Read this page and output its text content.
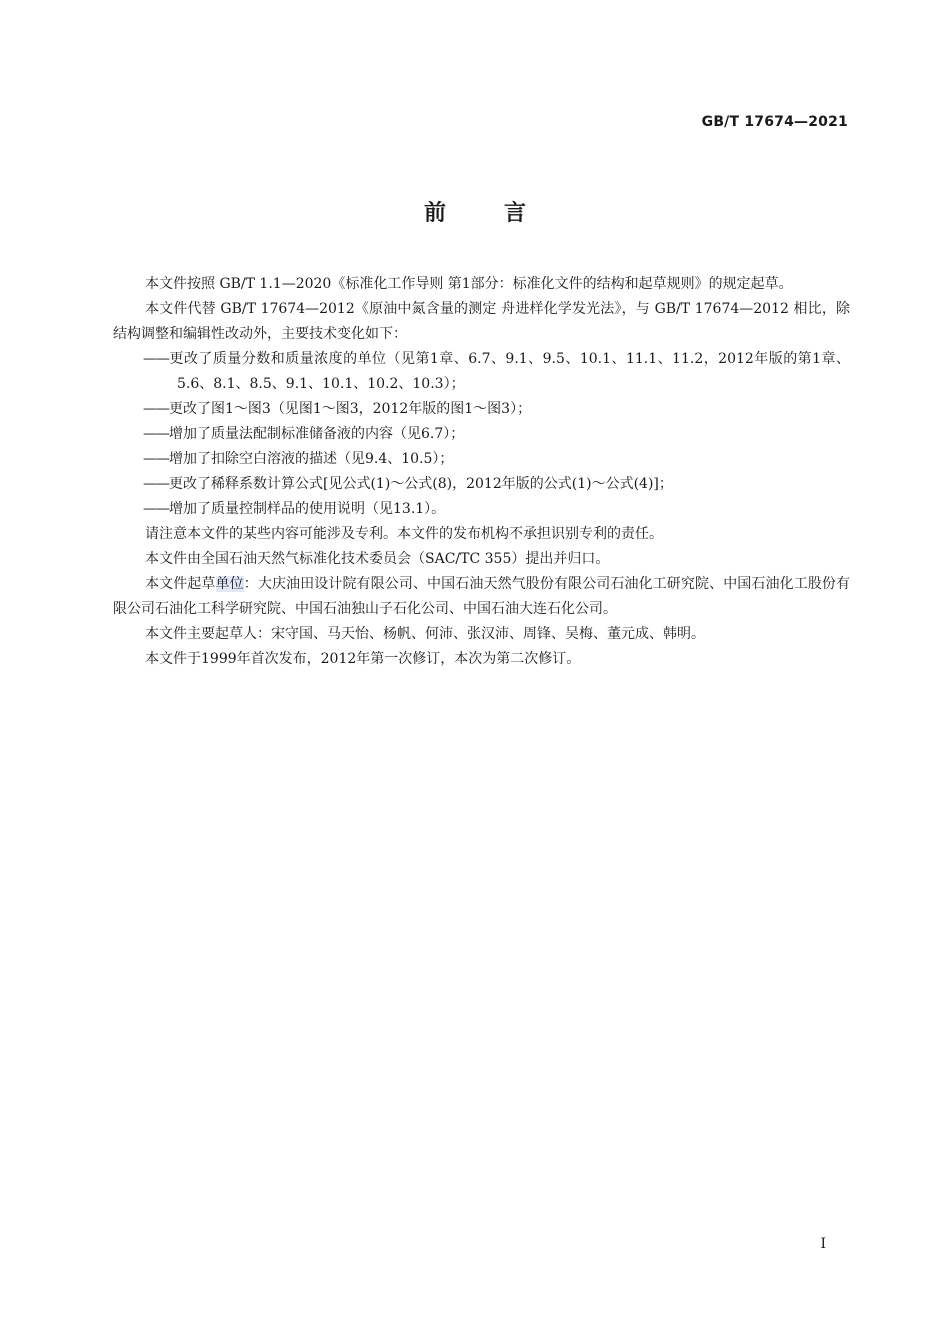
GB/T 17674—2021
前言

本文件按照 GB/T 1.1—2020《标准化工作导则 第1部分：标准化文件的结构和起草规则》的规定起草。

本文件代替 GB/T 17674—2012《原油中氮含量的测定 舟进样化学发光法》，与 GB/T 17674—2012 相比，除结构调整和编辑性改动外，主要技术变化如下：

——更改了质量分数和质量浓度的单位（见第1章、6.7、9.1、9.5、10.1、11.1、11.2，2012年版的第1章、5.6、8.1、8.5、9.1、10.1、10.2、10.3）；

——更改了图1～图3（见图1～图3，2012年版的图1～图3）；

——增加了质量法配制标准储备液的内容（见6.7）；

——增加了扣除空白溶液的描述（见9.4、10.5）；

——更改了稀释系数计算公式[见公式(1)～公式(8)，2012年版的公式(1)～公式(4)]；

——增加了质量控制样品的使用说明（见13.1）。

请注意本文件的某些内容可能涉及专利。本文件的发布机构不承担识别专利的责任。

本文件由全国石油天然气标准化技术委员会（SAC/TC 355）提出并归口。

本文件起草单位：大庆油田设计院有限公司、中国石油天然气股份有限公司石油化工研究院、中国石油化工股份有限公司石油化工科学研究院、中国石油独山子石化公司、中国石油大连石化公司。

本文件主要起草人：宋守国、马天怡、杨帆、何沛、张汉沛、周锋、吴梅、董元成、韩明。

本文件于1999年首次发布，2012年第一次修订，本次为第二次修订。

I
